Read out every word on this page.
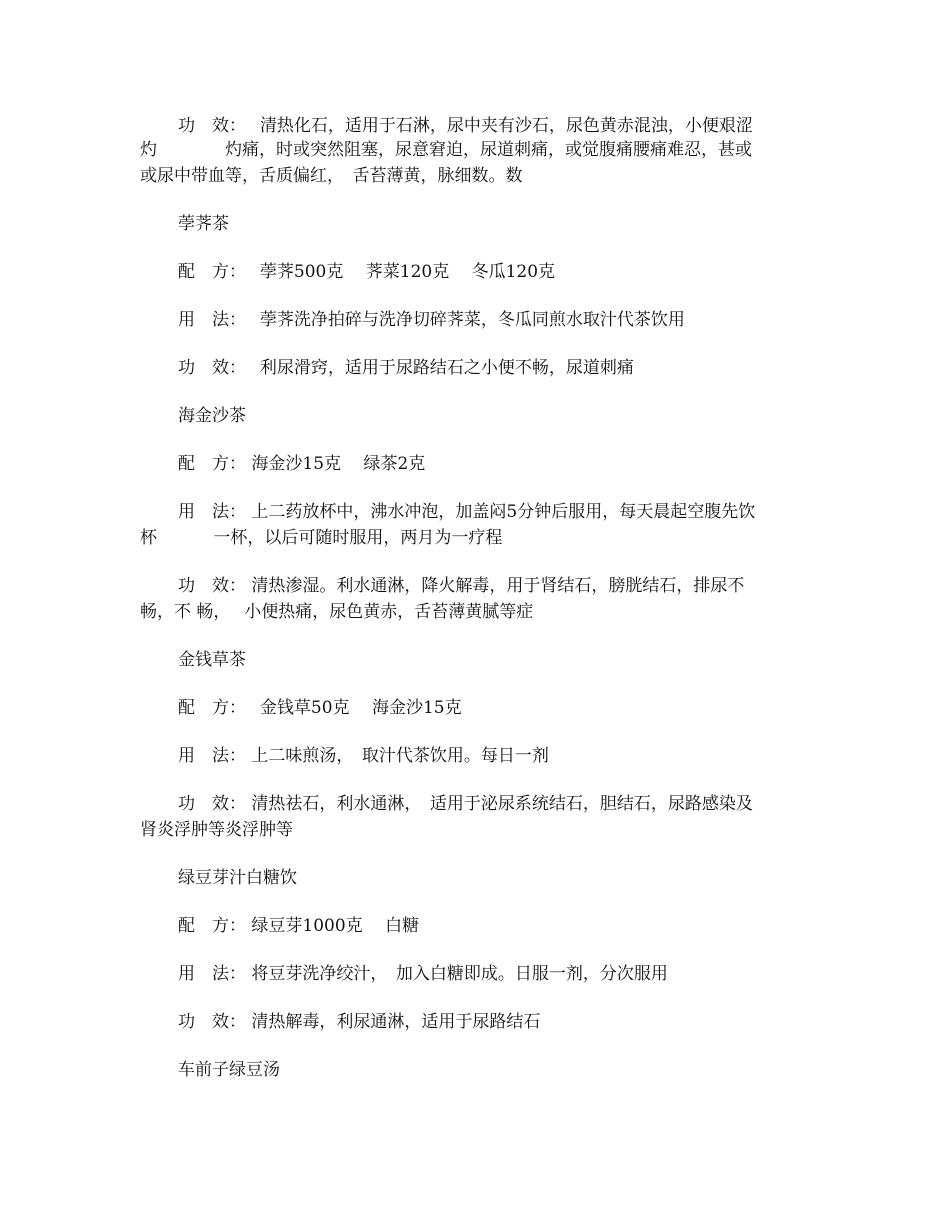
功　效：　 清热化石，适用于石淋，尿中夹有沙石，尿色黄赤混浊，小便艰涩
灼　　　　灼痛，时或突然阻塞，尿意窘迫，尿道刺痛，或觉腹痛腰痛难忍，甚或
或尿中带血等，舌质偏红，　舌苔薄黄，脉细数。数
荸荠茶
配　方：　 荸荠500克　 荠菜120克　 冬瓜120克
用　法：　 荸荠洗净拍碎与洗净切碎荠菜，冬瓜同煎水取汁代茶饮用
功　效：　 利尿滑窍，适用于尿路结石之小便不畅，尿道刺痛
海金沙茶
配　方： 海金沙15克　 绿茶2克
用　法： 上二药放杯中，沸水冲泡，加盖闷5分钟后服用，每天晨起空腹先饮
杯　　　 一杯，以后可随时服用，两月为一疗程
功　效： 清热渗湿。利水通淋，降火解毒，用于肾结石，膀胱结石，排尿不
畅，不 畅，　 小便热痛，尿色黄赤，舌苔薄黄腻等症
金钱草茶
配　方：　 金钱草50克　 海金沙15克
用　法： 上二味煎汤，　取汁代茶饮用。每日一剂
功　效： 清热祛石，利水通淋，　适用于泌尿系统结石，胆结石，尿路感染及
肾炎浮肿等炎浮肿等
绿豆芽汁白糖饮
配　方： 绿豆芽1000克　 白糖
用　法： 将豆芽洗净绞汁，　加入白糖即成。日服一剂，分次服用
功　效： 清热解毒，利尿通淋，适用于尿路结石
车前子绿豆汤
